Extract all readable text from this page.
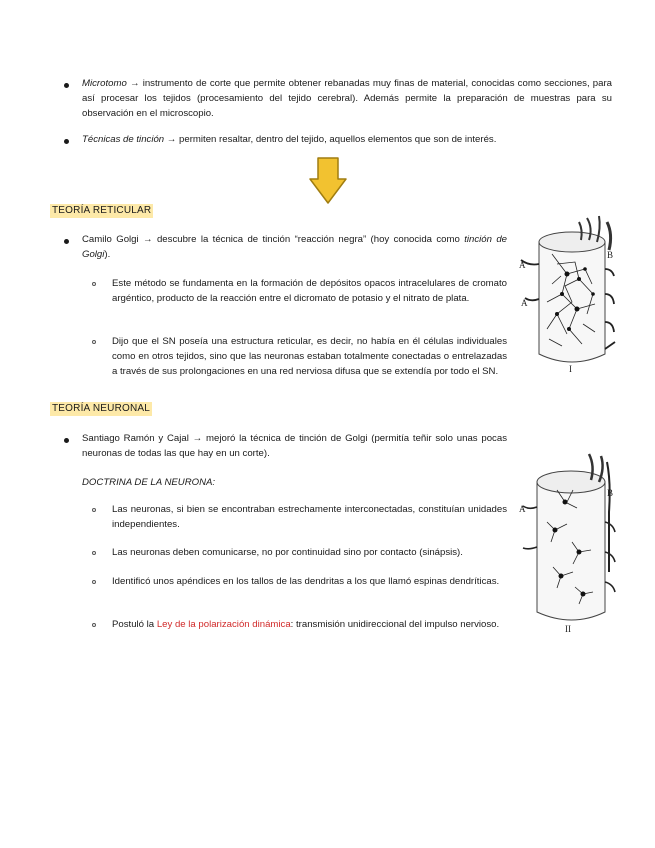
Microtomo → instrumento de corte que permite obtener rebanadas muy finas de material, conocidas como secciones, para así procesar los tejidos (procesamiento del tejido cerebral). Además permite la preparación de muestras para su observación en el microscopio.
Técnicas de tinción → permiten resaltar, dentro del tejido, aquellos elementos que son de interés.
TEORÍA RETICULAR
Camilo Golgi → descubre la técnica de tinción “reacción negra” (hoy conocida como tinción de Golgi).
Este método se fundamenta en la formación de depósitos opacos intracelulares de cromato argéntico, producto de la reacción entre el dicromato de potasio y el nitrato de plata.
Dijo que el SN poseía una estructura reticular, es decir, no había en él células individuales como en otros tejidos, sino que las neuronas estaban totalmente conectadas o entrelazadas a través de sus prolongaciones en una red nerviosa difusa que se extendía por todo el SN.
A
B
A
I
TEORÍA NEURONAL
Santiago Ramón y Cajal → mejoró la técnica de tinción de Golgi (permitía teñir solo unas pocas neuronas de todas las que hay en un corte).
DOCTRINA DE LA NEURONA:
Las neuronas, si bien se encontraban estrechamente interconectadas, constituían unidades independientes.
Las neuronas deben comunicarse, no por continuidad sino por contacto (sinápsis).
Identificó unos apéndices en los tallos de las dendritas a los que llamó espinas dendríticas.
Postuló la Ley de la polarización dinámica: transmisión unidireccional del impulso nervioso.
A
B
II
